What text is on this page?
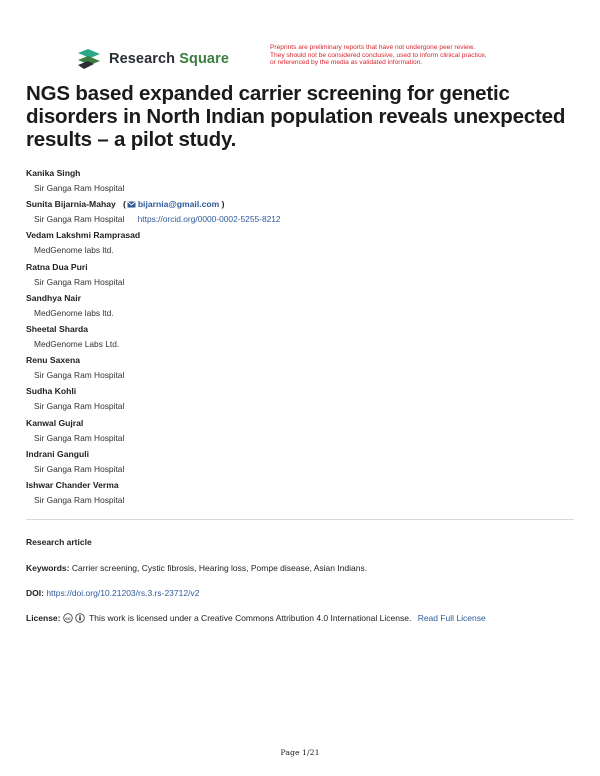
Research Square
Preprints are preliminary reports that have not undergone peer review.
They should not be considered conclusive, used to inform clinical practice,
or referenced by the media as validated information.
NGS based expanded carrier screening for genetic disorders in North Indian population reveals unexpected results – a pilot study.
Kanika Singh
Sir Ganga Ram Hospital
Sunita Bijarnia-Mahay   ( bijarnia@gmail.com )
Sir Ganga Ram Hospital https://orcid.org/0000-0002-5255-8212
Vedam Lakshmi Ramprasad
MedGenome labs ltd.
Ratna Dua Puri
Sir Ganga Ram Hospital
Sandhya Nair
MedGenome labs ltd.
Sheetal Sharda
MedGenome Labs Ltd.
Renu Saxena
Sir Ganga Ram Hospital
Sudha Kohli
Sir Ganga Ram Hospital
Kanwal Gujral
Sir Ganga Ram Hospital
Indrani Ganguli
Sir Ganga Ram Hospital
Ishwar Chander Verma
Sir Ganga Ram Hospital
Research article
Keywords: Carrier screening, Cystic fibrosis, Hearing loss, Pompe disease, Asian Indians.
DOI: https://doi.org/10.21203/rs.3.rs-23712/v2
License: cc This work is licensed under a Creative Commons Attribution 4.0 International License. Read Full License
Page 1/21
